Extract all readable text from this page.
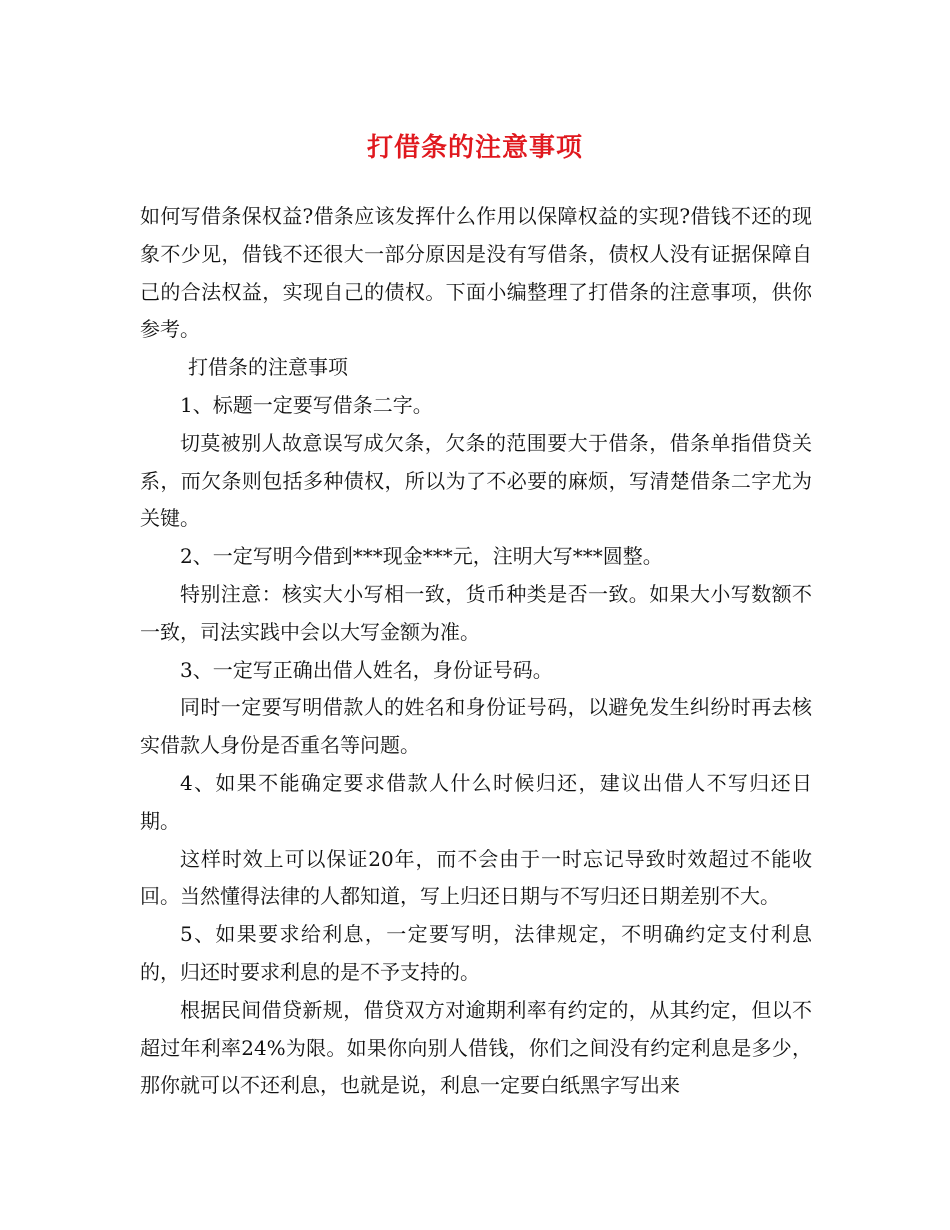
打借条的注意事项

如何写借条保权益?借条应该发挥什么作用以保障权益的实现?借钱不还的现象不少见，借钱不还很大一部分原因是没有写借条，债权人没有证据保障自己的合法权益，实现自己的债权。下面小编整理了打借条的注意事项，供你参考。

打借条的注意事项

1、标题一定要写借条二字。

切莫被别人故意误写成欠条，欠条的范围要大于借条，借条单指借贷关系，而欠条则包括多种债权，所以为了不必要的麻烦，写清楚借条二字尤为关键。

2、一定写明今借到***现金***元，注明大写***圆整。

特别注意：核实大小写相一致，货币种类是否一致。如果大小写数额不一致，司法实践中会以大写金额为准。

3、一定写正确出借人姓名，身份证号码。

同时一定要写明借款人的姓名和身份证号码，以避免发生纠纷时再去核实借款人身份是否重名等问题。

4、如果不能确定要求借款人什么时候归还，建议出借人不写归还日期。

这样时效上可以保证20年，而不会由于一时忘记导致时效超过不能收回。当然懂得法律的人都知道，写上归还日期与不写归还日期差别不大。

5、如果要求给利息，一定要写明，法律规定，不明确约定支付利息的，归还时要求利息的是不予支持的。

根据民间借贷新规，借贷双方对逾期利率有约定的，从其约定，但以不超过年利率24%为限。如果你向别人借钱，你们之间没有约定利息是多少，那你就可以不还利息，也就是说，利息一定要白纸黑字写出来
